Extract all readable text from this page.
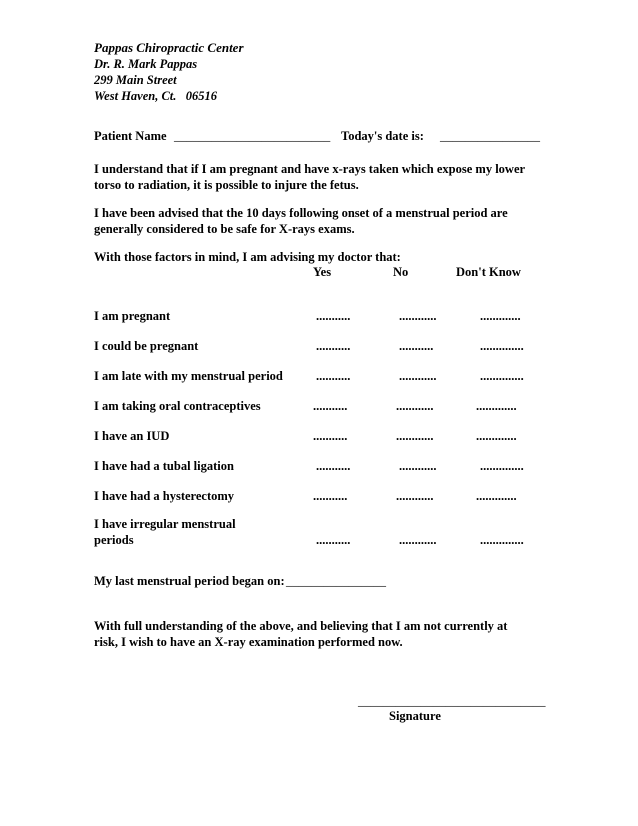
Pappas Chiropractic Center
Dr. R. Mark Pappas
299 Main Street
West Haven, Ct.   06516
Patient Name _________________________ Today's date is: ________________
I understand that if I am pregnant and have x-rays taken which expose my lower
torso to radiation, it is possible to injure the fetus.
I have been advised that the 10 days following onset of a menstrual period are
generally considered to be safe for X-rays exams.
With those factors in mind, I am advising my doctor that:
Yes	No	Don't Know
I am pregnant	...........	............	.............
I could be pregnant	...........	...........	..............
I am late with my menstrual period	...........	............	..............
I am taking oral contraceptives	...........	............	.............
I have an IUD	...........	............	.............
I have had a tubal ligation	...........	............	..............
I have had a hysterectomy	...........	............	.............
I have irregular menstrual
periods	...........	............	..............
My last menstrual period began on: ________________
With full understanding of the above, and believing that I am not currently at
risk, I wish to have an X-ray examination performed now.
______________________________
Signature
